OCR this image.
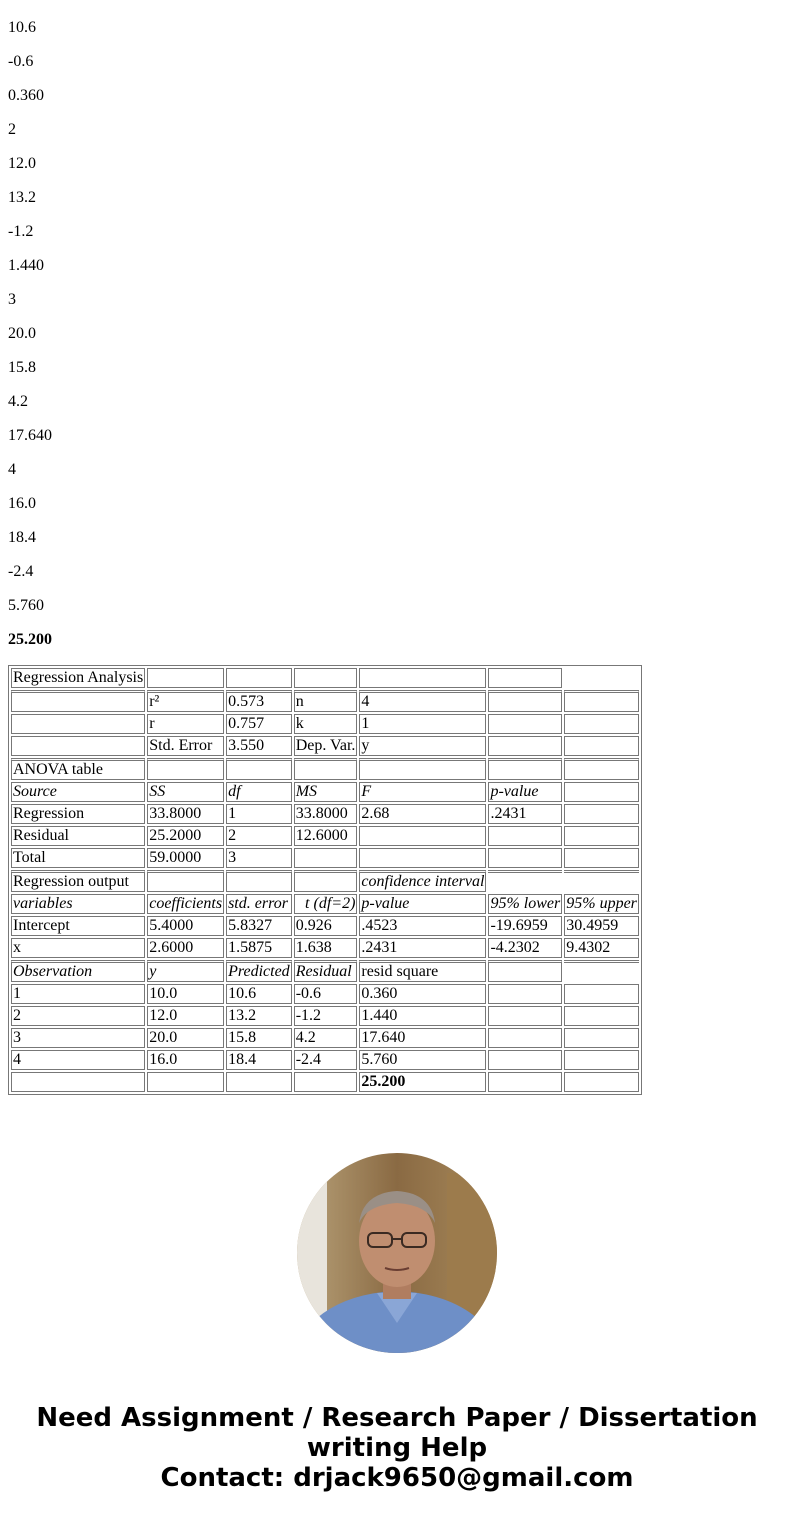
10.6
-0.6
0.360
2
12.0
13.2
-1.2
1.440
3
20.0
15.8
4.2
17.640
4
16.0
18.4
-2.4
5.760
25.200
Regression Analysis						
	r²	0.573	n	4		
	r	0.757	k	1		
	Std. Error	3.550	Dep. Var.	y		
ANOVA table						
Source	SS	df	MS	F	p-value	
Regression	33.8000	1	33.8000	2.68	.2431	
Residual	25.2000	2	12.6000			
Total	59.0000	3				
Regression output				confidence interval		
variables	coefficients	std. error	t (df=2)	p-value	95% lower	95% upper
Intercept	5.4000	5.8327	0.926	.4523	-19.6959	30.4959
x	2.6000	1.5875	1.638	.2431	-4.2302	9.4302
Observation	y	Predicted	Residual	resid square		
1	10.0	10.6	-0.6	0.360		
2	12.0	13.2	-1.2	1.440		
3	20.0	15.8	4.2	17.640		
4	16.0	18.4	-2.4	5.760		
				25.200		
Need Assignment / Research Paper / Dissertation
writing Help
Contact: drjack9650@gmail.com
